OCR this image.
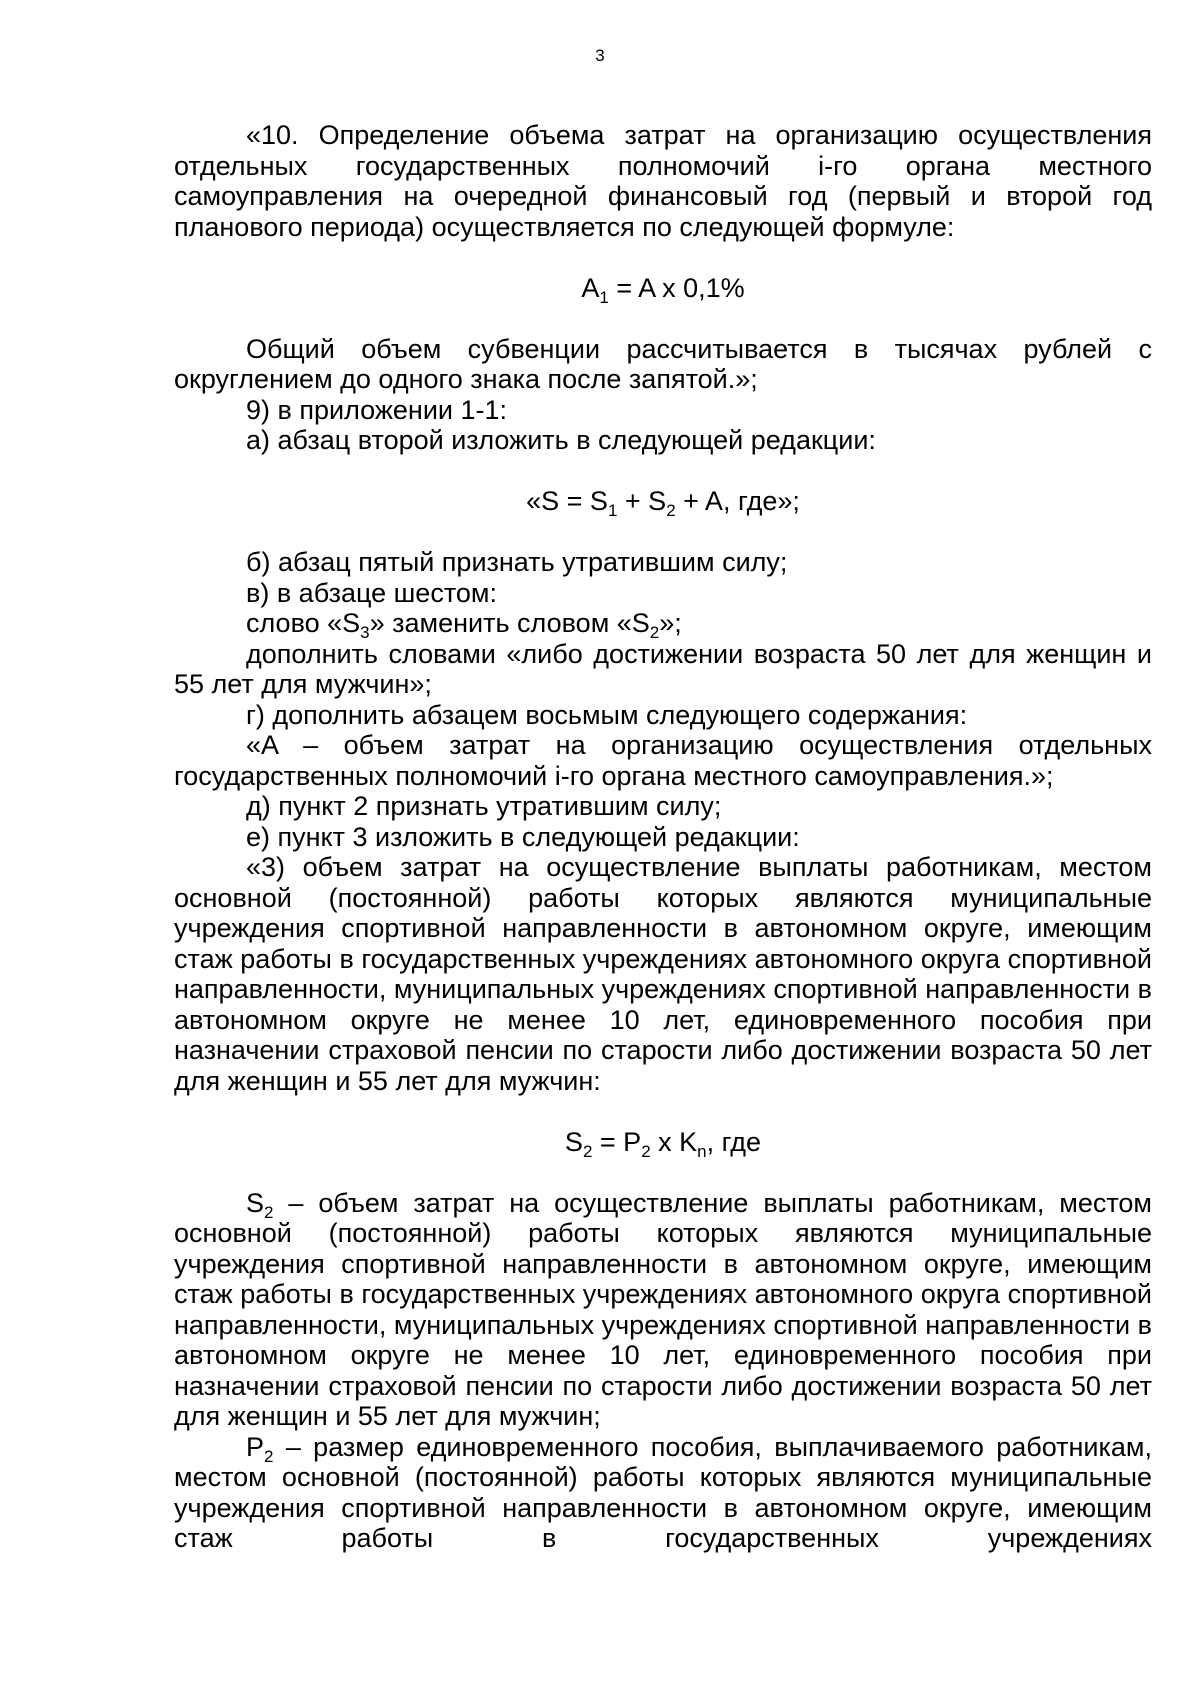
3

«10. Определение объема затрат на организацию осуществления отдельных государственных полномочий i-го органа местного самоуправления на очередной финансовый год (первый и второй год планового периода) осуществляется по следующей формуле:

$A_1 = A$ x 0,1%

Общий объем субвенции рассчитывается в тысячах рублей с округлением до одного знака после запятой.»;

9) в приложении 1-1:

а) абзац второй изложить в следующей редакции:

«$S = S_1 + S_2 + A$, где»;

б) абзац пятый признать утратившим силу;

в) в абзаце шестом:

слово «$S_3$» заменить словом «$S_2$»;

дополнить словами «либо достижении возраста 50 лет для женщин и 55 лет для мужчин»;

г) дополнить абзацем восьмым следующего содержания:

«A – объем затрат на организацию осуществления отдельных государственных полномочий i-го органа местного самоуправления.»;

д) пункт 2 признать утратившим силу;

е) пункт 3 изложить в следующей редакции:

«3) объем затрат на осуществление выплаты работникам, местом основной (постоянной) работы которых являются муниципальные учреждения спортивной направленности в автономном округе, имеющим стаж работы в государственных учреждениях автономного округа спортивной направленности, муниципальных учреждениях спортивной направленности в автономном округе не менее 10 лет, единовременного пособия при назначении страховой пенсии по старости либо достижении возраста 50 лет для женщин и 55 лет для мужчин:

$S_2 = P_2$ x $K_n$, где

$S_2$ – объем затрат на осуществление выплаты работникам, местом основной (постоянной) работы которых являются муниципальные учреждения спортивной направленности в автономном округе, имеющим стаж работы в государственных учреждениях автономного округа спортивной направленности, муниципальных учреждениях спортивной направленности в автономном округе не менее 10 лет, единовременного пособия при назначении страховой пенсии по старости либо достижении возраста 50 лет для женщин и 55 лет для мужчин;

$P_2$ – размер единовременного пособия, выплачиваемого работникам, местом основной (постоянной) работы которых являются муниципальные учреждения спортивной направленности в автономном округе, имеющим стаж работы в государственных учреждениях
